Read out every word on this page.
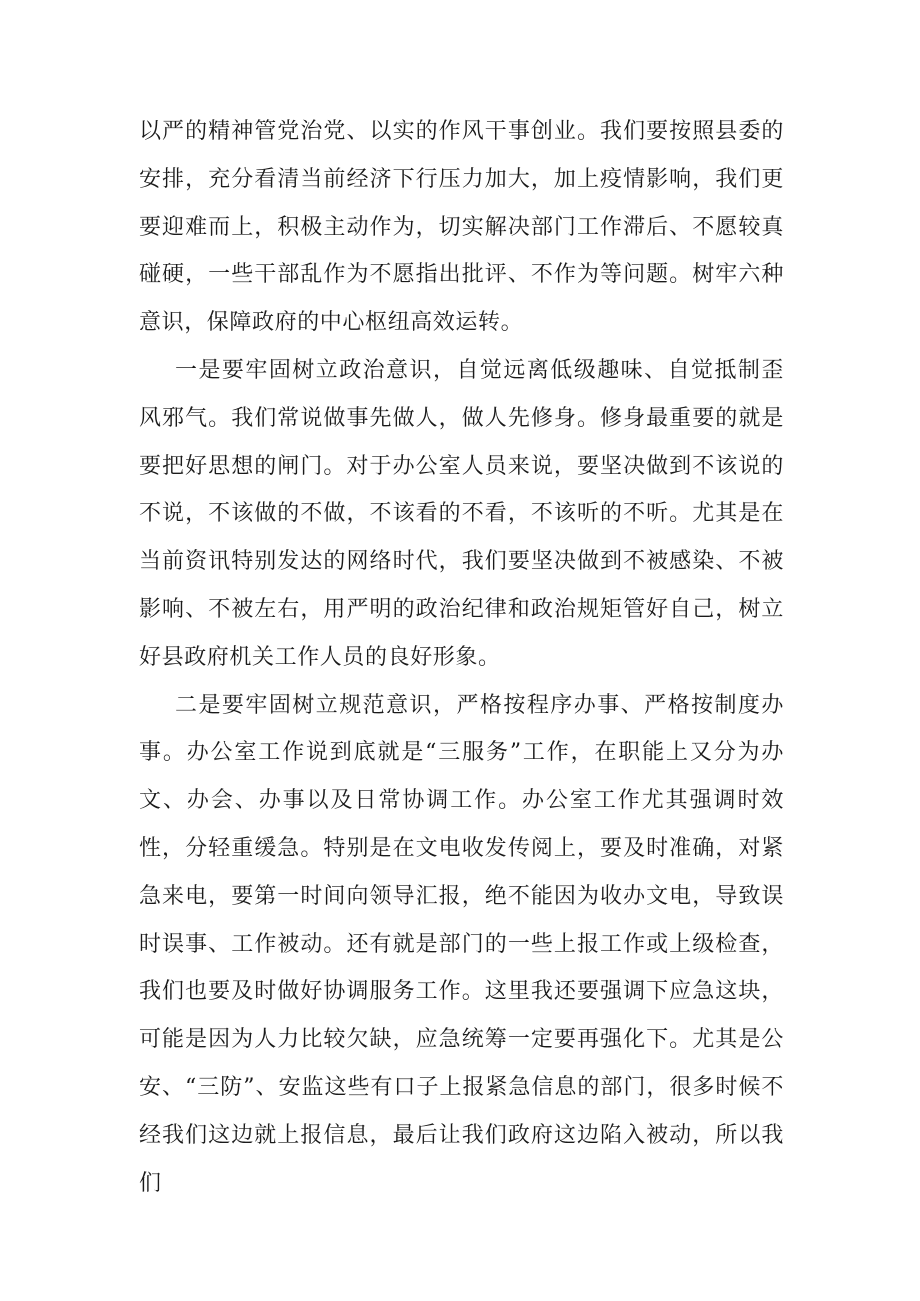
以严的精神管党治党、以实的作风干事创业。我们要按照县委的安排，充分看清当前经济下行压力加大，加上疫情影响，我们更要迎难而上，积极主动作为，切实解决部门工作滞后、不愿较真碰硬，一些干部乱作为不愿指出批评、不作为等问题。树牢六种意识，保障政府的中心枢纽高效运转。

一是要牢固树立政治意识，自觉远离低级趣味、自觉抵制歪风邪气。我们常说做事先做人，做人先修身。修身最重要的就是要把好思想的闸门。对于办公室人员来说，要坚决做到不该说的不说，不该做的不做，不该看的不看，不该听的不听。尤其是在当前资讯特别发达的网络时代，我们要坚决做到不被感染、不被影响、不被左右，用严明的政治纪律和政治规矩管好自己，树立好县政府机关工作人员的良好形象。

二是要牢固树立规范意识，严格按程序办事、严格按制度办事。办公室工作说到底就是“三服务”工作，在职能上又分为办文、办会、办事以及日常协调工作。办公室工作尤其强调时效性，分轻重缓急。特别是在文电收发传阅上，要及时准确，对紧急来电，要第一时间向领导汇报，绝不能因为收办文电，导致误时误事、工作被动。还有就是部门的一些上报工作或上级检查，我们也要及时做好协调服务工作。这里我还要强调下应急这块，可能是因为人力比较欠缺，应急统筹一定要再强化下。尤其是公安、“三防”、安监这些有口子上报紧急信息的部门，很多时候不经我们这边就上报信息，最后让我们政府这边陷入被动，所以我们
